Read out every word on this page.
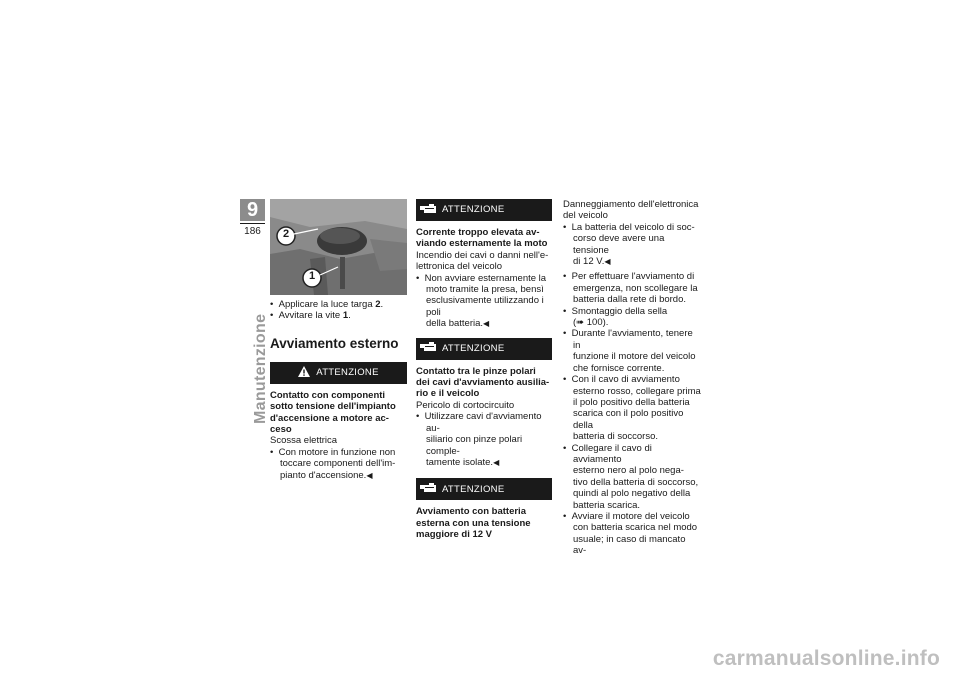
9
186
Manutenzione
2
1

•  Applicare la luce targa 2.

•  Avvitare la vite 1.

Avviamento esterno
ATTENZIONE

Contatto con componenti

sotto tensione dell'impianto

d'accensione a motore ac-

ceso

Scossa elettrica

•  Con motore in funzione non
toccare componenti dell'im-
pianto d'accensione.◀
ATTENZIONE

Corrente troppo elevata av-

viando esternamente la moto

Incendio dei cavi o danni nell'e-

lettronica del veicolo

•  Non avviare esternamente la
moto tramite la presa, bensì
esclusivamente utilizzando i poli
della batteria.◀
ATTENZIONE

Contatto tra le pinze polari

dei cavi d'avviamento ausilia-

rio e il veicolo

Pericolo di cortocircuito

•  Utilizzare cavi d'avviamento au-
siliario con pinze polari comple-
tamente isolate.◀
ATTENZIONE

Avviamento con batteria

esterna con una tensione

maggiore di 12 V

Danneggiamento dell'elettronica

del veicolo

•  La batteria del veicolo di soc-
corso deve avere una tensione
di 12 V.◀
•  Per effettuare l'avviamento di
emergenza, non scollegare la
batteria dalla rete di bordo.
•  Smontaggio della sella
(➠ 100).
•  Durante l'avviamento, tenere in
funzione il motore del veicolo
che fornisce corrente.
•  Con il cavo di avviamento
esterno rosso, collegare prima
il polo positivo della batteria
scarica con il polo positivo della
batteria di soccorso.
•  Collegare il cavo di avviamento
esterno nero al polo nega-
tivo della batteria di soccorso,
quindi al polo negativo della
batteria scarica.
•  Avviare il motore del veicolo
con batteria scarica nel modo
usuale; in caso di mancato av-
carmanualsonline.info
